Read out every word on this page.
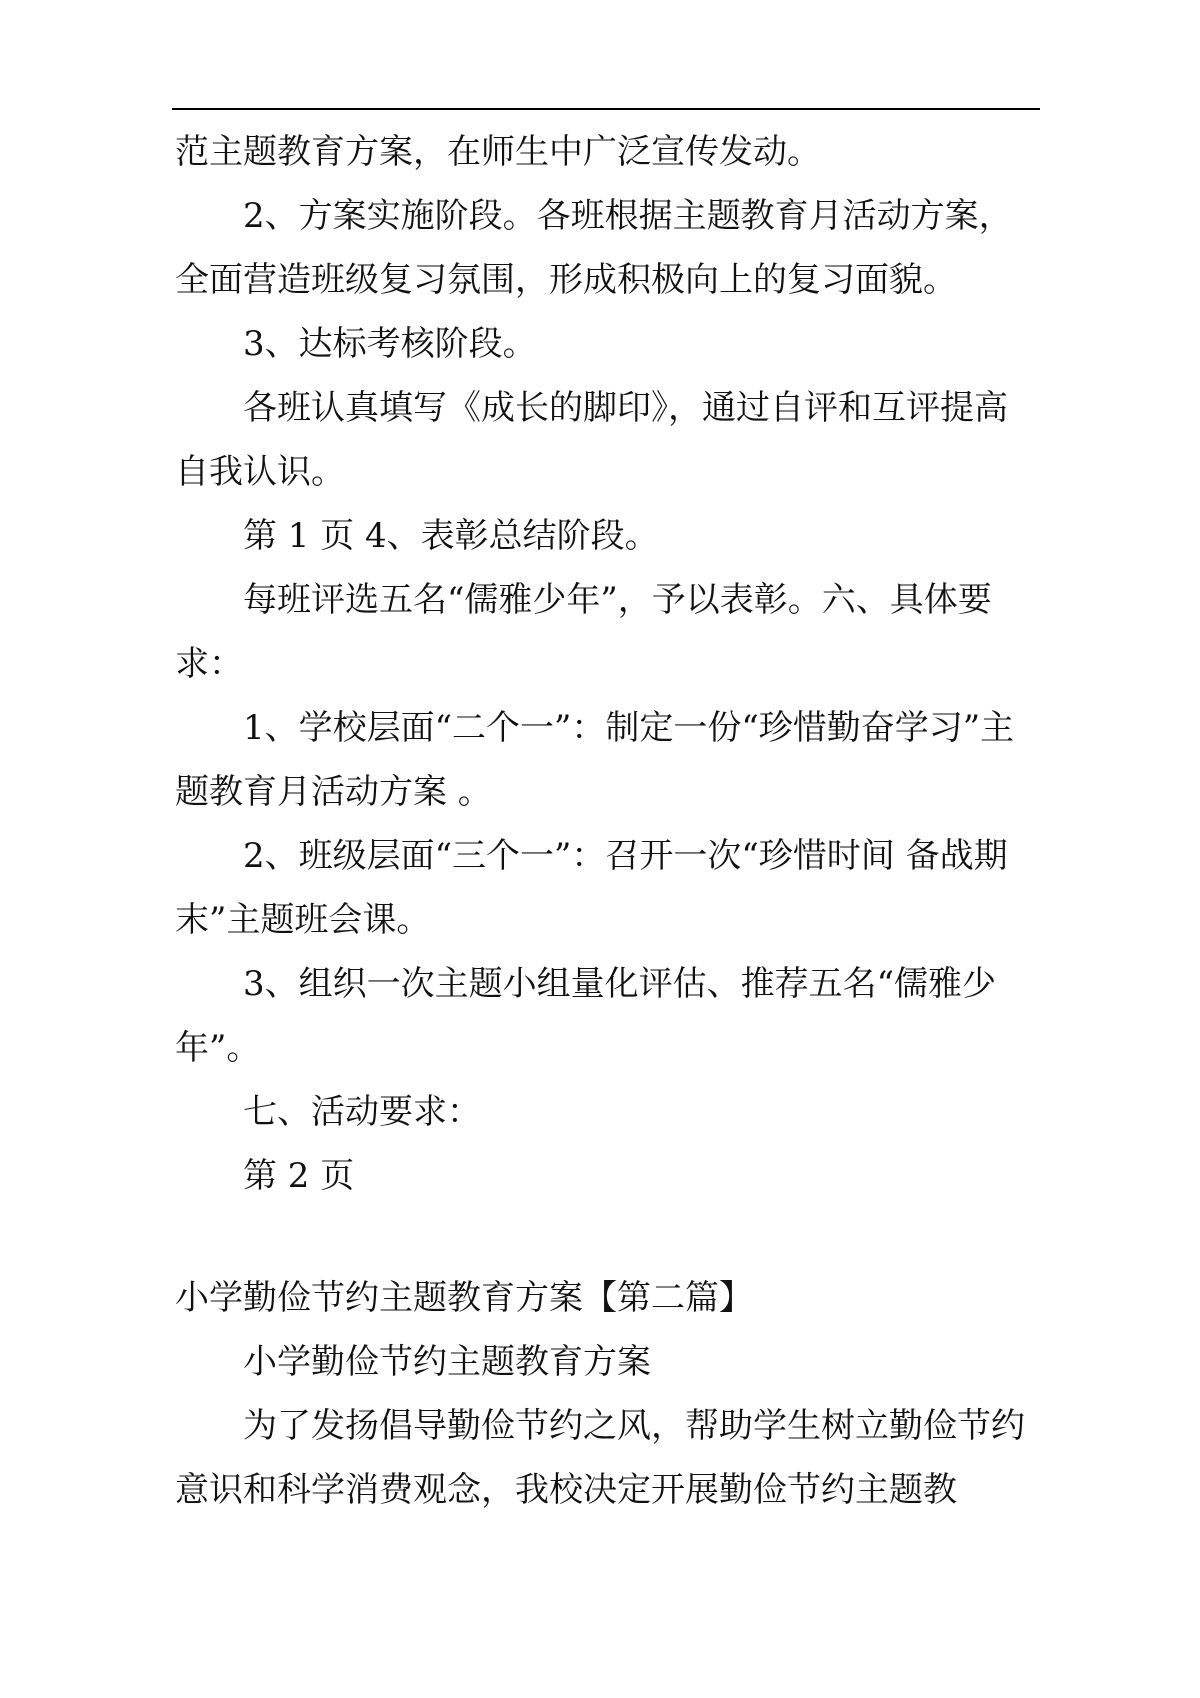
范主题教育方案，在师生中广泛宣传发动。

2、方案实施阶段。各班根据主题教育月活动方案，全面营造班级复习氛围，形成积极向上的复习面貌。

3、达标考核阶段。

各班认真填写《成长的脚印》，通过自评和互评提高自我认识。

第 1 页 4、表彰总结阶段。

每班评选五名“儒雅少年”，予以表彰。六、具体要求：

1、学校层面“二个一”：制定一份“珍惜勤奋学习”主题教育月活动方案 。

2、班级层面“三个一”：召开一次“珍惜时间 备战期末”主题班会课。

3、组织一次主题小组量化评估、推荐五名“儒雅少年”。

七、活动要求：

第 2 页

小学勤俭节约主题教育方案【第二篇】

小学勤俭节约主题教育方案

为了发扬倡导勤俭节约之风，帮助学生树立勤俭节约意识和科学消费观念，我校决定开展勤俭节约主题教
